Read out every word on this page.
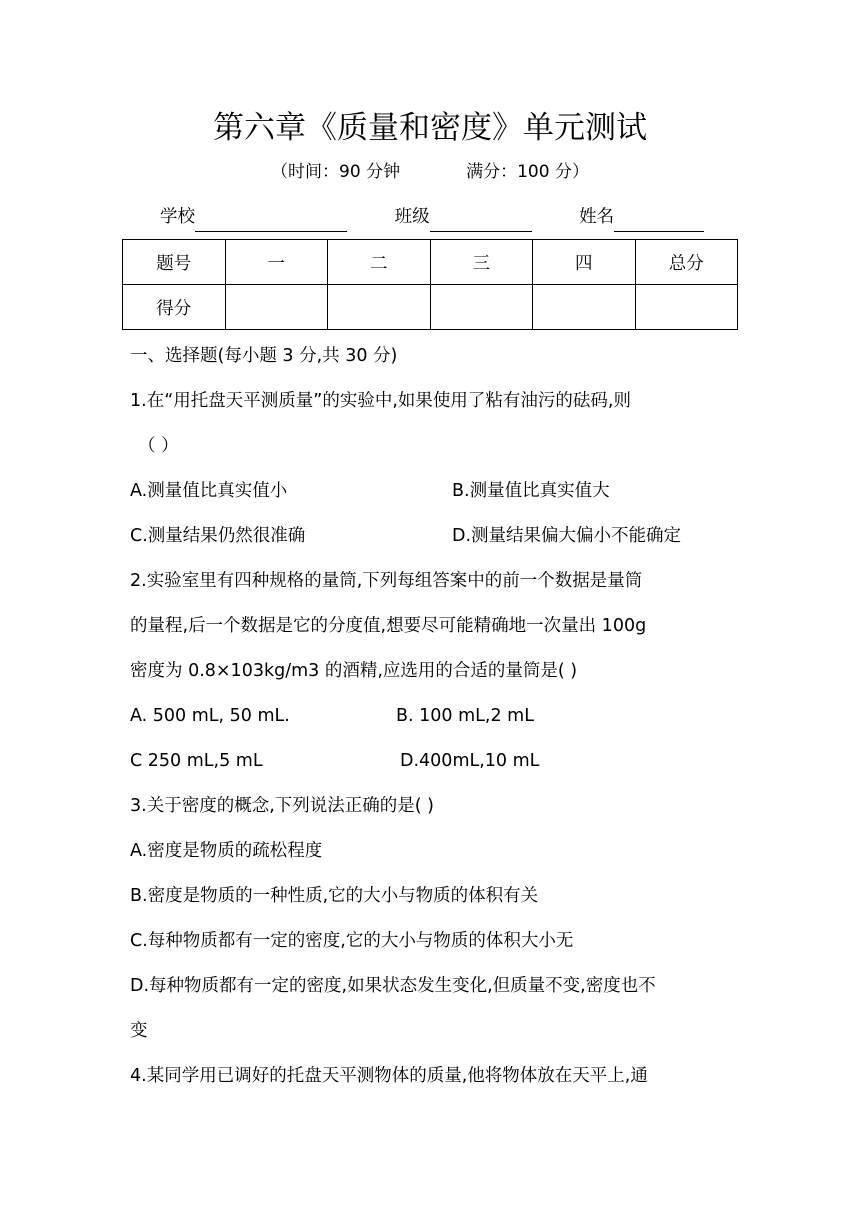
第六章《质量和密度》单元测试
（时间：90 分钟	满分：100 分）
学校	班级	姓名
题号	一	二	三	四	总分
得分					
一、选择题(每小题 3 分,共 30 分)
1.在“用托盘天平测质量”的实验中,如果使用了粘有油污的砝码,则
（ ）
A.测量值比真实值小	B.测量值比真实值大
C.测量结果仍然很准确	D.测量结果偏大偏小不能确定
2.实验室里有四种规格的量筒,下列每组答案中的前一个数据是量筒
的量程,后一个数据是它的分度值,想要尽可能精确地一次量出 100g
密度为 0.8×103kg/m3 的酒精,应选用的合适的量筒是( )
A. 500 mL, 50 mL.	B. 100 mL,2 mL
C 250 mL,5 mL	D.400mL,10 mL
3.关于密度的概念,下列说法正确的是( )
A.密度是物质的疏松程度
B.密度是物质的一种性质,它的大小与物质的体积有关
C.每种物质都有一定的密度,它的大小与物质的体积大小无
D.每种物质都有一定的密度,如果状态发生变化,但质量不变,密度也不
变
4.某同学用已调好的托盘天平测物体的质量,他将物体放在天平上,通
